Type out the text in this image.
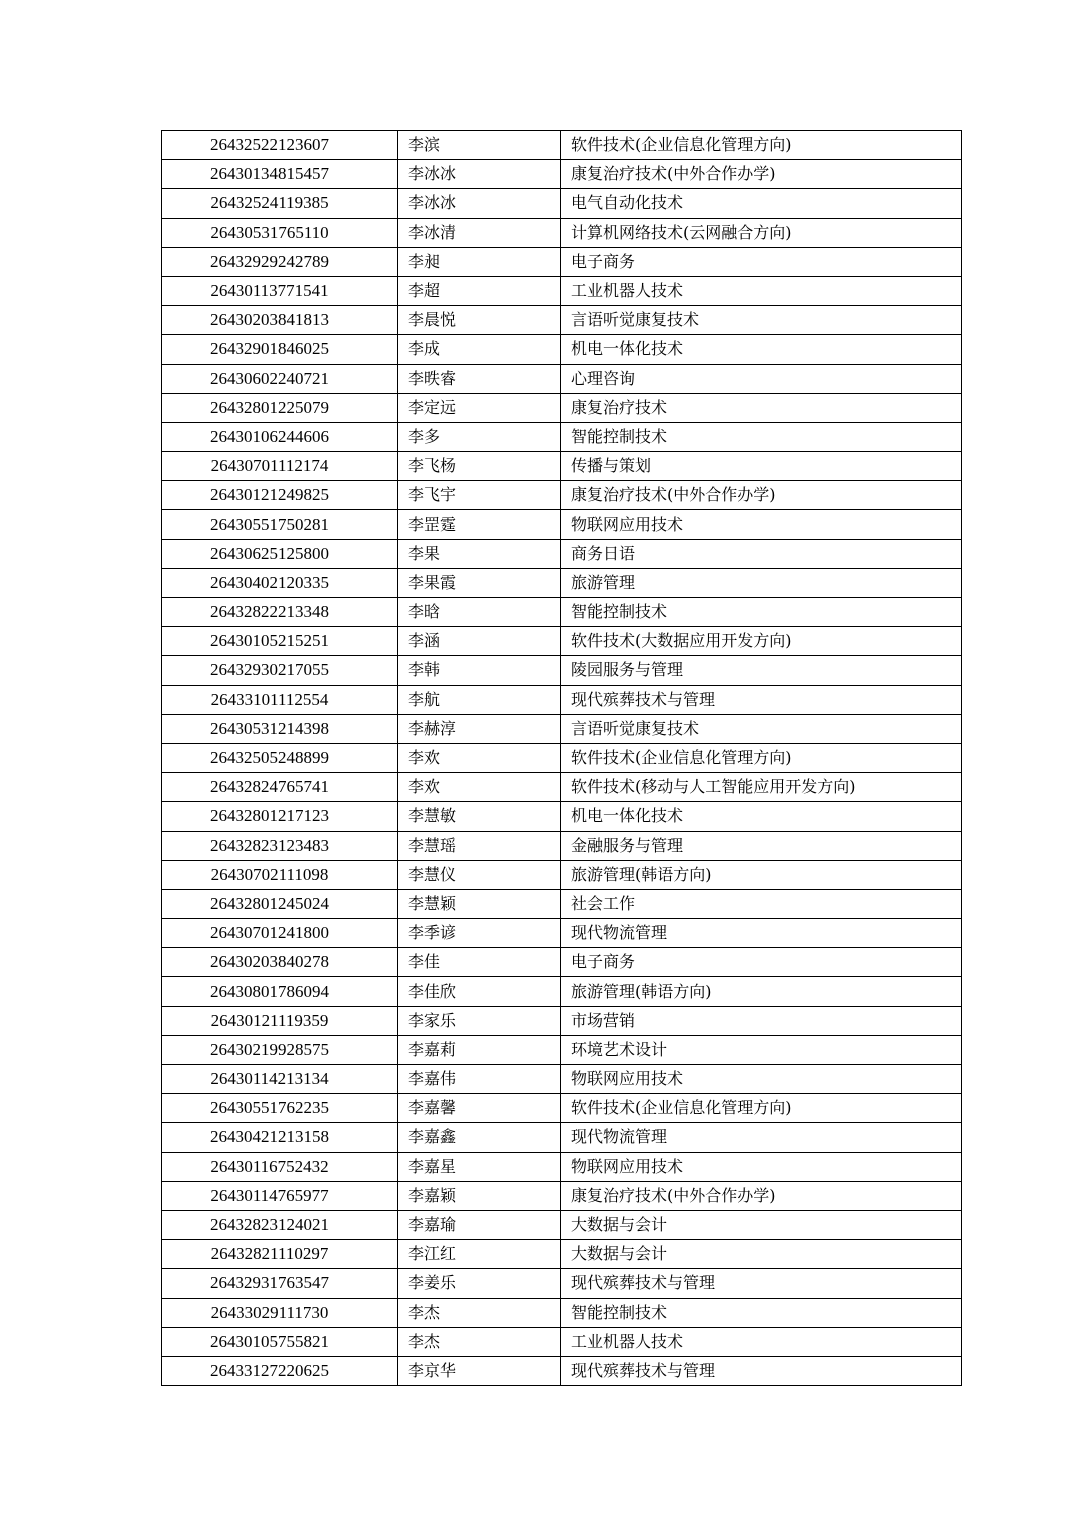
26432522123607	李滨	软件技术(企业信息化管理方向)
26430134815457	李冰冰	康复治疗技术(中外合作办学)
26432524119385	李冰冰	电气自动化技术
26430531765110	李冰清	计算机网络技术(云网融合方向)
26432929242789	李昶	电子商务
26430113771541	李超	工业机器人技术
26430203841813	李晨悦	言语听觉康复技术
26432901846025	李成	机电一体化技术
26430602240721	李昳睿	心理咨询
26432801225079	李定远	康复治疗技术
26430106244606	李多	智能控制技术
26430701112174	李飞杨	传播与策划
26430121249825	李飞宇	康复治疗技术(中外合作办学)
26430551750281	李罡霆	物联网应用技术
26430625125800	李果	商务日语
26430402120335	李果霞	旅游管理
26432822213348	李晗	智能控制技术
26430105215251	李涵	软件技术(大数据应用开发方向)
26432930217055	李韩	陵园服务与管理
26433101112554	李航	现代殡葬技术与管理
26430531214398	李赫淳	言语听觉康复技术
26432505248899	李欢	软件技术(企业信息化管理方向)
26432824765741	李欢	软件技术(移动与人工智能应用开发方向)
26432801217123	李慧敏	机电一体化技术
26432823123483	李慧瑶	金融服务与管理
26430702111098	李慧仪	旅游管理(韩语方向)
26432801245024	李慧颖	社会工作
26430701241800	李季谚	现代物流管理
26430203840278	李佳	电子商务
26430801786094	李佳欣	旅游管理(韩语方向)
26430121119359	李家乐	市场营销
26430219928575	李嘉莉	环境艺术设计
26430114213134	李嘉伟	物联网应用技术
26430551762235	李嘉馨	软件技术(企业信息化管理方向)
26430421213158	李嘉鑫	现代物流管理
26430116752432	李嘉星	物联网应用技术
26430114765977	李嘉颖	康复治疗技术(中外合作办学)
26432823124021	李嘉瑜	大数据与会计
26432821110297	李江红	大数据与会计
26432931763547	李姜乐	现代殡葬技术与管理
26433029111730	李杰	智能控制技术
26430105755821	李杰	工业机器人技术
26433127220625	李京华	现代殡葬技术与管理
